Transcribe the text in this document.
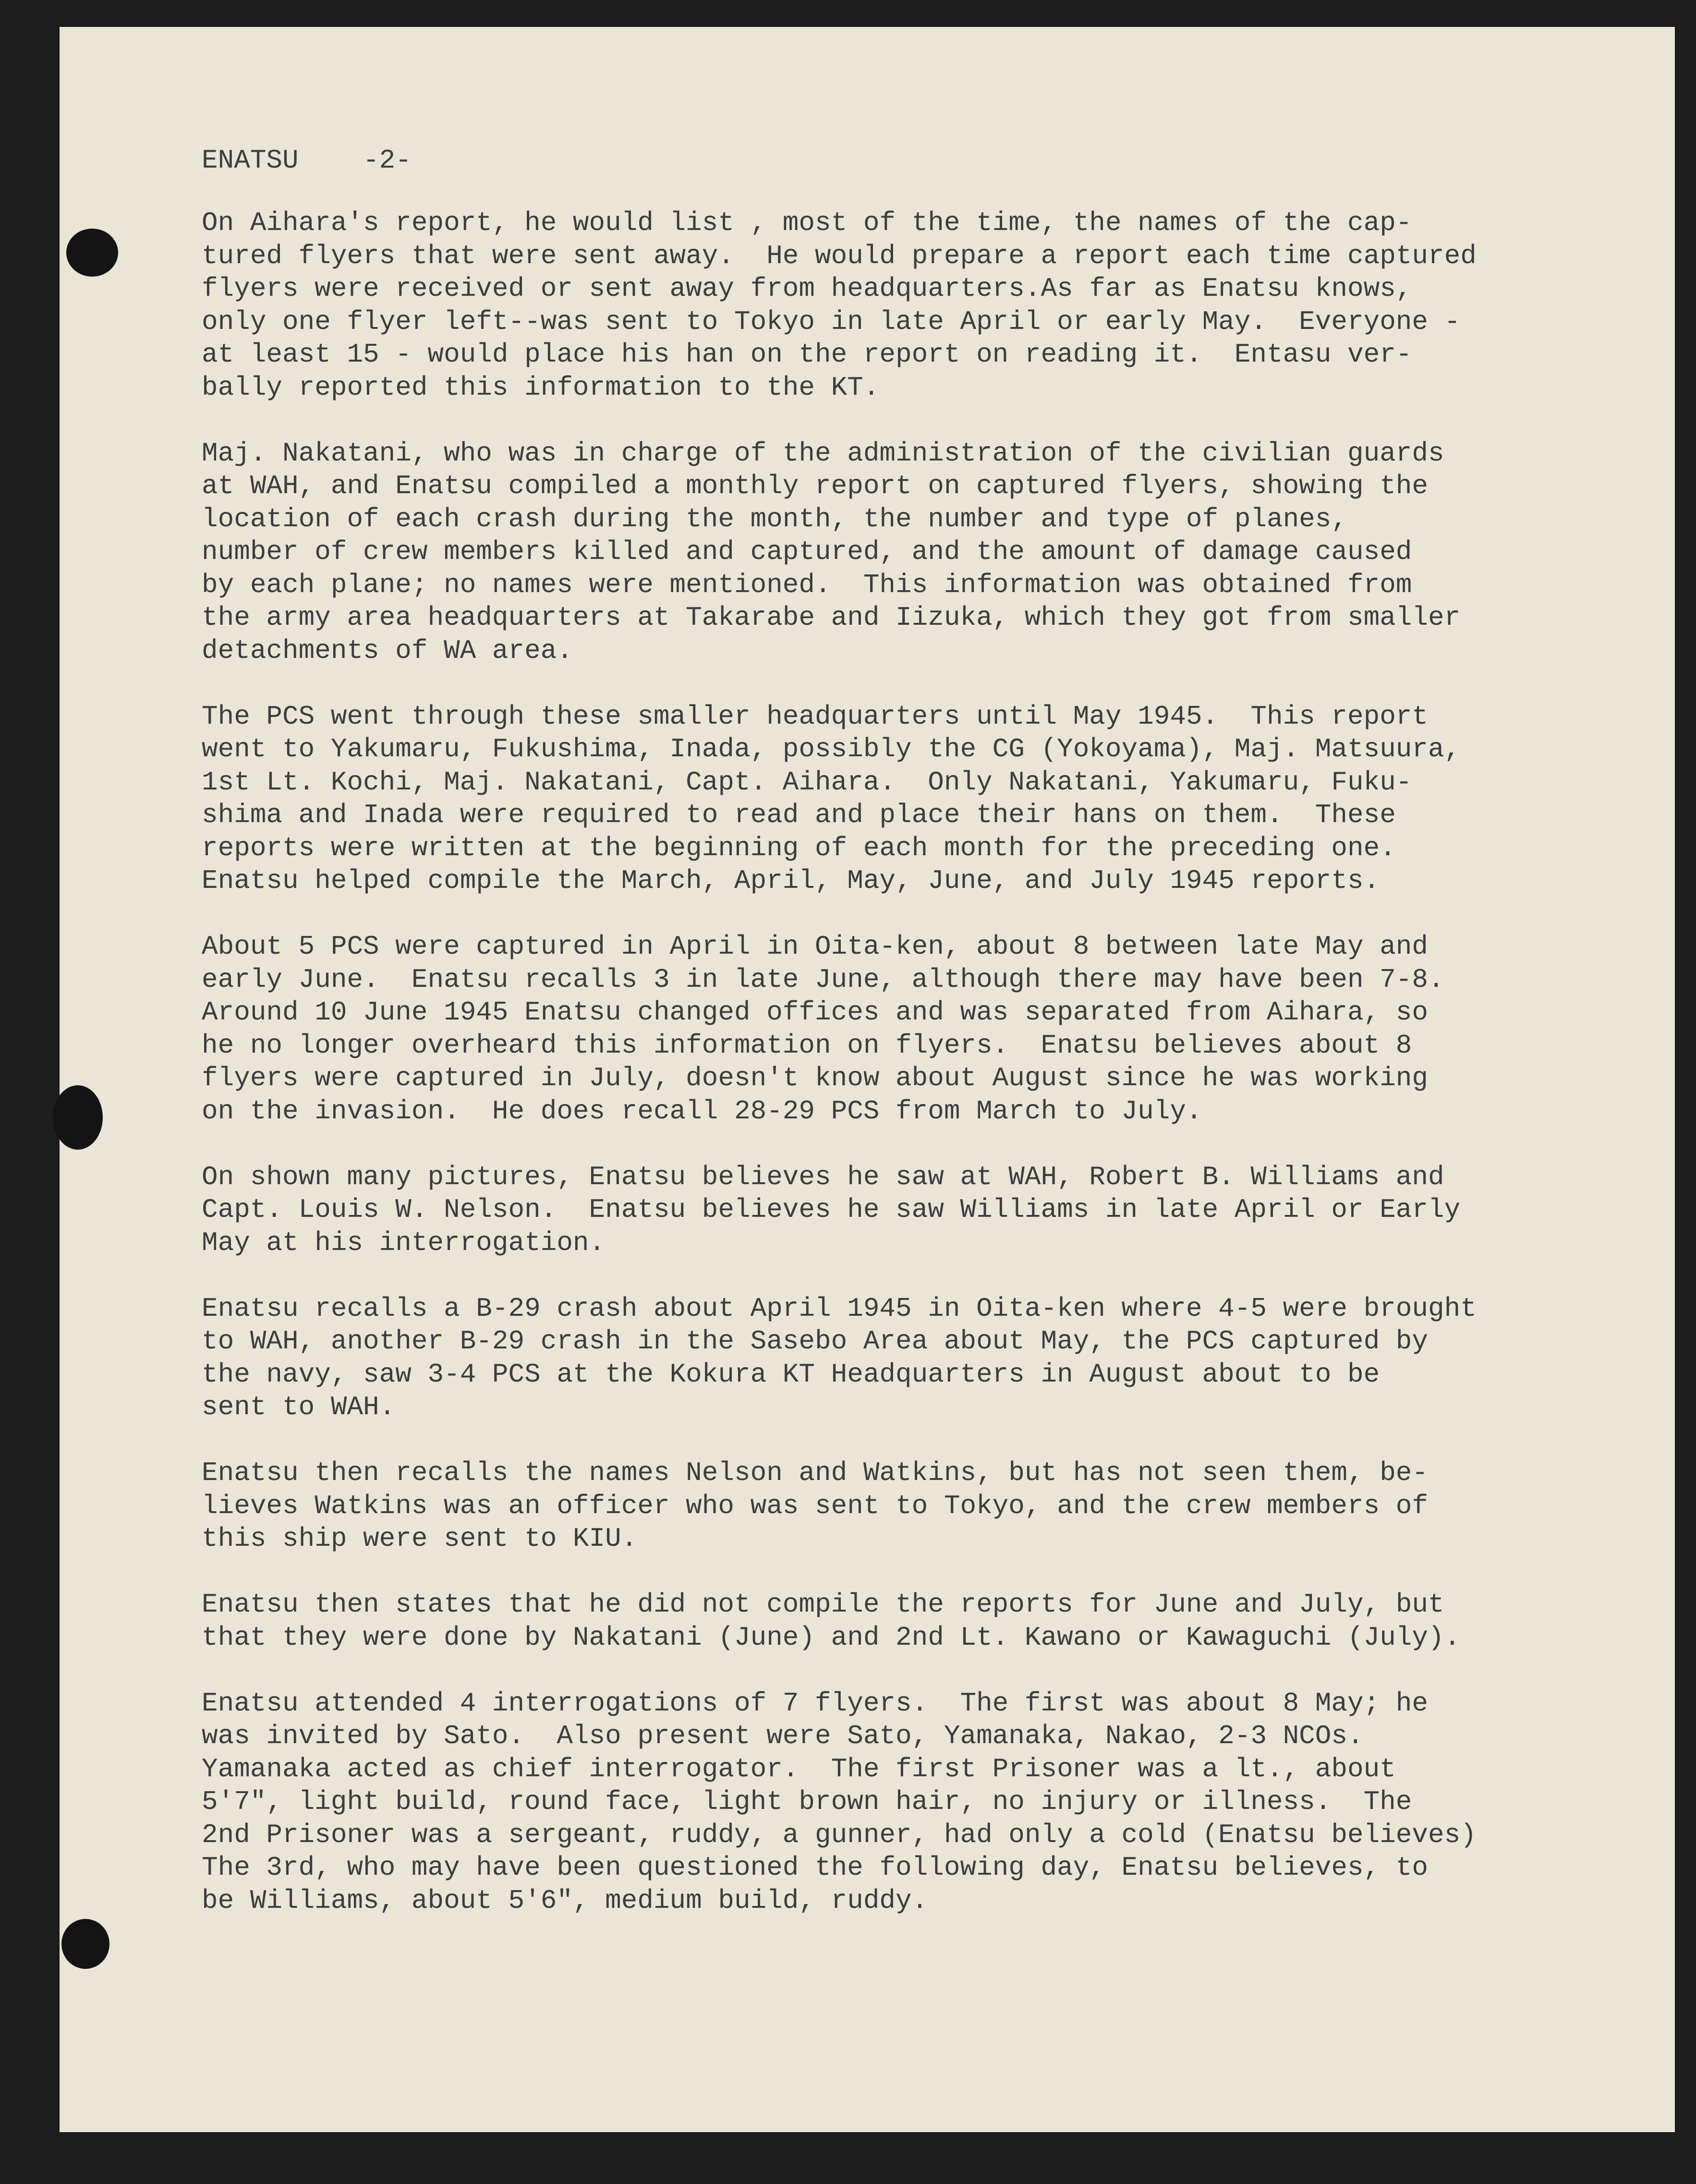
ENATSU    -2-
On Aihara's report, he would list , most of the time, the names of the cap-
tured flyers that were sent away.  He would prepare a report each time captured
flyers were received or sent away from headquarters.As far as Enatsu knows,
only one flyer left--was sent to Tokyo in late April or early May.  Everyone -
at least 15 - would place his han on the report on reading it.  Entasu ver-
bally reported this information to the KT.
Maj. Nakatani, who was in charge of the administration of the civilian guards
at WAH, and Enatsu compiled a monthly report on captured flyers, showing the
location of each crash during the month, the number and type of planes,
number of crew members killed and captured, and the amount of damage caused
by each plane; no names were mentioned.  This information was obtained from
the army area headquarters at Takarabe and Iizuka, which they got from smaller
detachments of WA area.
The PCS went through these smaller headquarters until May 1945.  This report
went to Yakumaru, Fukushima, Inada, possibly the CG (Yokoyama), Maj. Matsuura,
1st Lt. Kochi, Maj. Nakatani, Capt. Aihara.  Only Nakatani, Yakumaru, Fuku-
shima and Inada were required to read and place their hans on them.  These
reports were written at the beginning of each month for the preceding one.
Enatsu helped compile the March, April, May, June, and July 1945 reports.
About 5 PCS were captured in April in Oita-ken, about 8 between late May and
early June.  Enatsu recalls 3 in late June, although there may have been 7-8.
Around 10 June 1945 Enatsu changed offices and was separated from Aihara, so
he no longer overheard this information on flyers.  Enatsu believes about 8
flyers were captured in July, doesn't know about August since he was working
on the invasion.  He does recall 28-29 PCS from March to July.
On shown many pictures, Enatsu believes he saw at WAH, Robert B. Williams and
Capt. Louis W. Nelson.  Enatsu believes he saw Williams in late April or Early
May at his interrogation.
Enatsu recalls a B-29 crash about April 1945 in Oita-ken where 4-5 were brought
to WAH, another B-29 crash in the Sasebo Area about May, the PCS captured by
the navy, saw 3-4 PCS at the Kokura KT Headquarters in August about to be
sent to WAH.
Enatsu then recalls the names Nelson and Watkins, but has not seen them, be-
lieves Watkins was an officer who was sent to Tokyo, and the crew members of
this ship were sent to KIU.
Enatsu then states that he did not compile the reports for June and July, but
that they were done by Nakatani (June) and 2nd Lt. Kawano or Kawaguchi (July).
Enatsu attended 4 interrogations of 7 flyers.  The first was about 8 May; he
was invited by Sato.  Also present were Sato, Yamanaka, Nakao, 2-3 NCOs.
Yamanaka acted as chief interrogator.  The first Prisoner was a lt., about
5'7", light build, round face, light brown hair, no injury or illness.  The
2nd Prisoner was a sergeant, ruddy, a gunner, had only a cold (Enatsu believes)
The 3rd, who may have been questioned the following day, Enatsu believes, to
be Williams, about 5'6", medium build, ruddy.
